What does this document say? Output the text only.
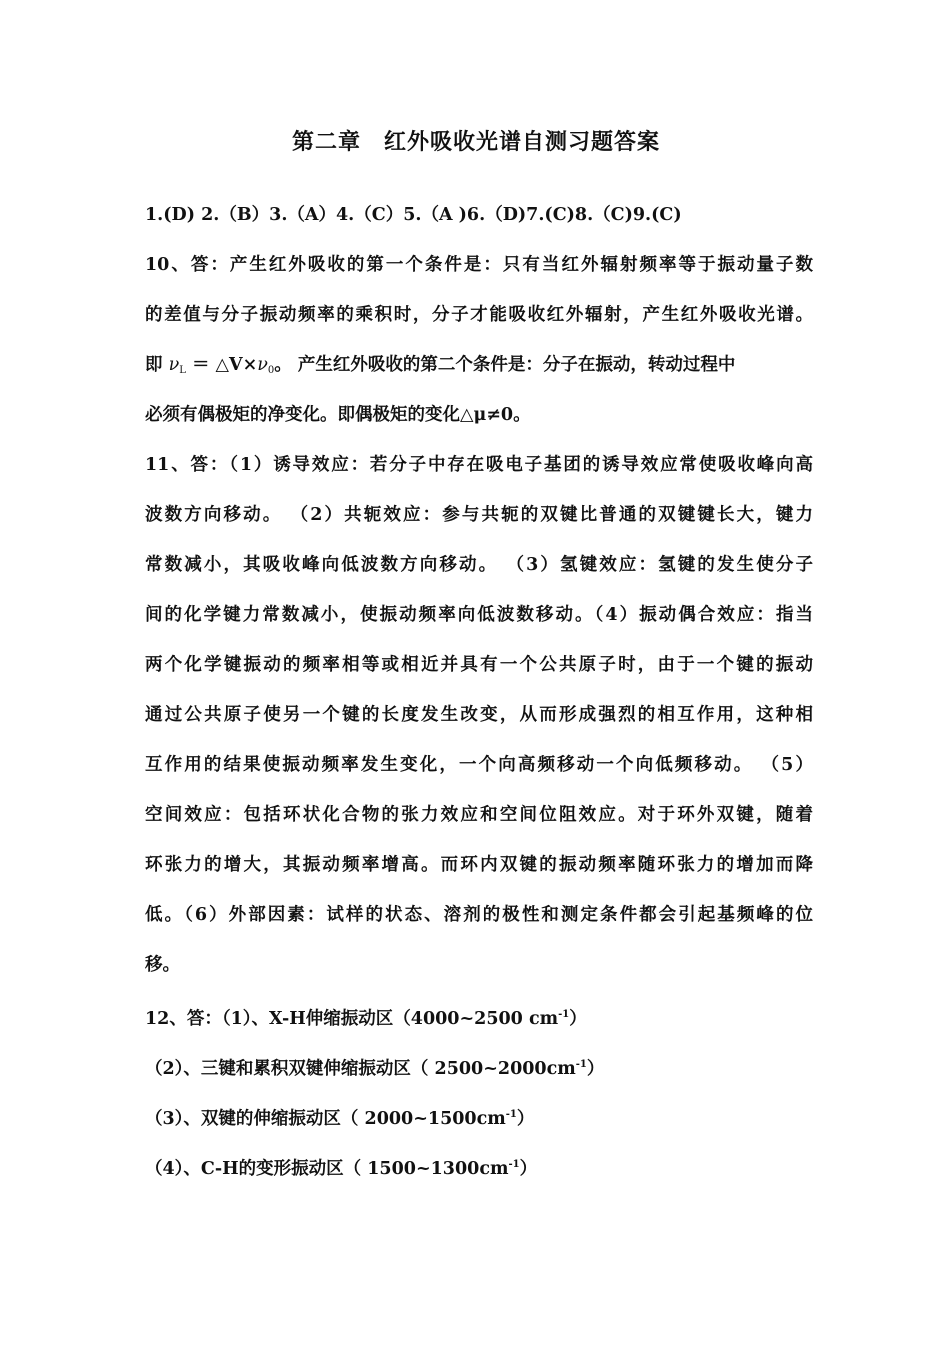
第二章　红外吸收光谱自测习题答案
1.(D) 2.（B）3.（A）4.（C）5.（A )6.（D)7.(C)8.（C)9.(C)
10、答：产生红外吸收的第一个条件是：只有当红外辐射频率等于振动量子数
的差值与分子振动频率的乘积时，分子才能吸收红外辐射，产生红外吸收光谱。
即 νL ＝ △V×ν0。 产生红外吸收的第二个条件是：分子在振动，转动过程中
必须有偶极矩的净变化。即偶极矩的变化△μ≠0。
11、答：（1）诱导效应：若分子中存在吸电子基团的诱导效应常使吸收峰向高
波数方向移动。 （2）共轭效应：参与共轭的双键比普通的双键键长大，键力
常数减小，其吸收峰向低波数方向移动。 （3）氢键效应：氢键的发生使分子
间的化学键力常数减小，使振动频率向低波数移动。（4）振动偶合效应：指当
两个化学键振动的频率相等或相近并具有一个公共原子时，由于一个键的振动
通过公共原子使另一个键的长度发生改变，从而形成强烈的相互作用，这种相
互作用的结果使振动频率发生变化，一个向高频移动一个向低频移动。 （5）
空间效应：包括环状化合物的张力效应和空间位阻效应。对于环外双键，随着
环张力的增大，其振动频率增高。而环内双键的振动频率随环张力的增加而降
低。（6）外部因素：试样的状态、溶剂的极性和测定条件都会引起基频峰的位
移。
12、答：（1）、X-H伸缩振动区（4000~2500 $cm^{-1}$）
（2）、三键和累积双键伸缩振动区（ $2500\sim 2000cm^{-1}$）
（3）、双键的伸缩振动区（ $2000\sim 1500cm^{-1}$）
（4）、C-H的变形振动区（ $1500\sim 1300cm^{-1}$）
